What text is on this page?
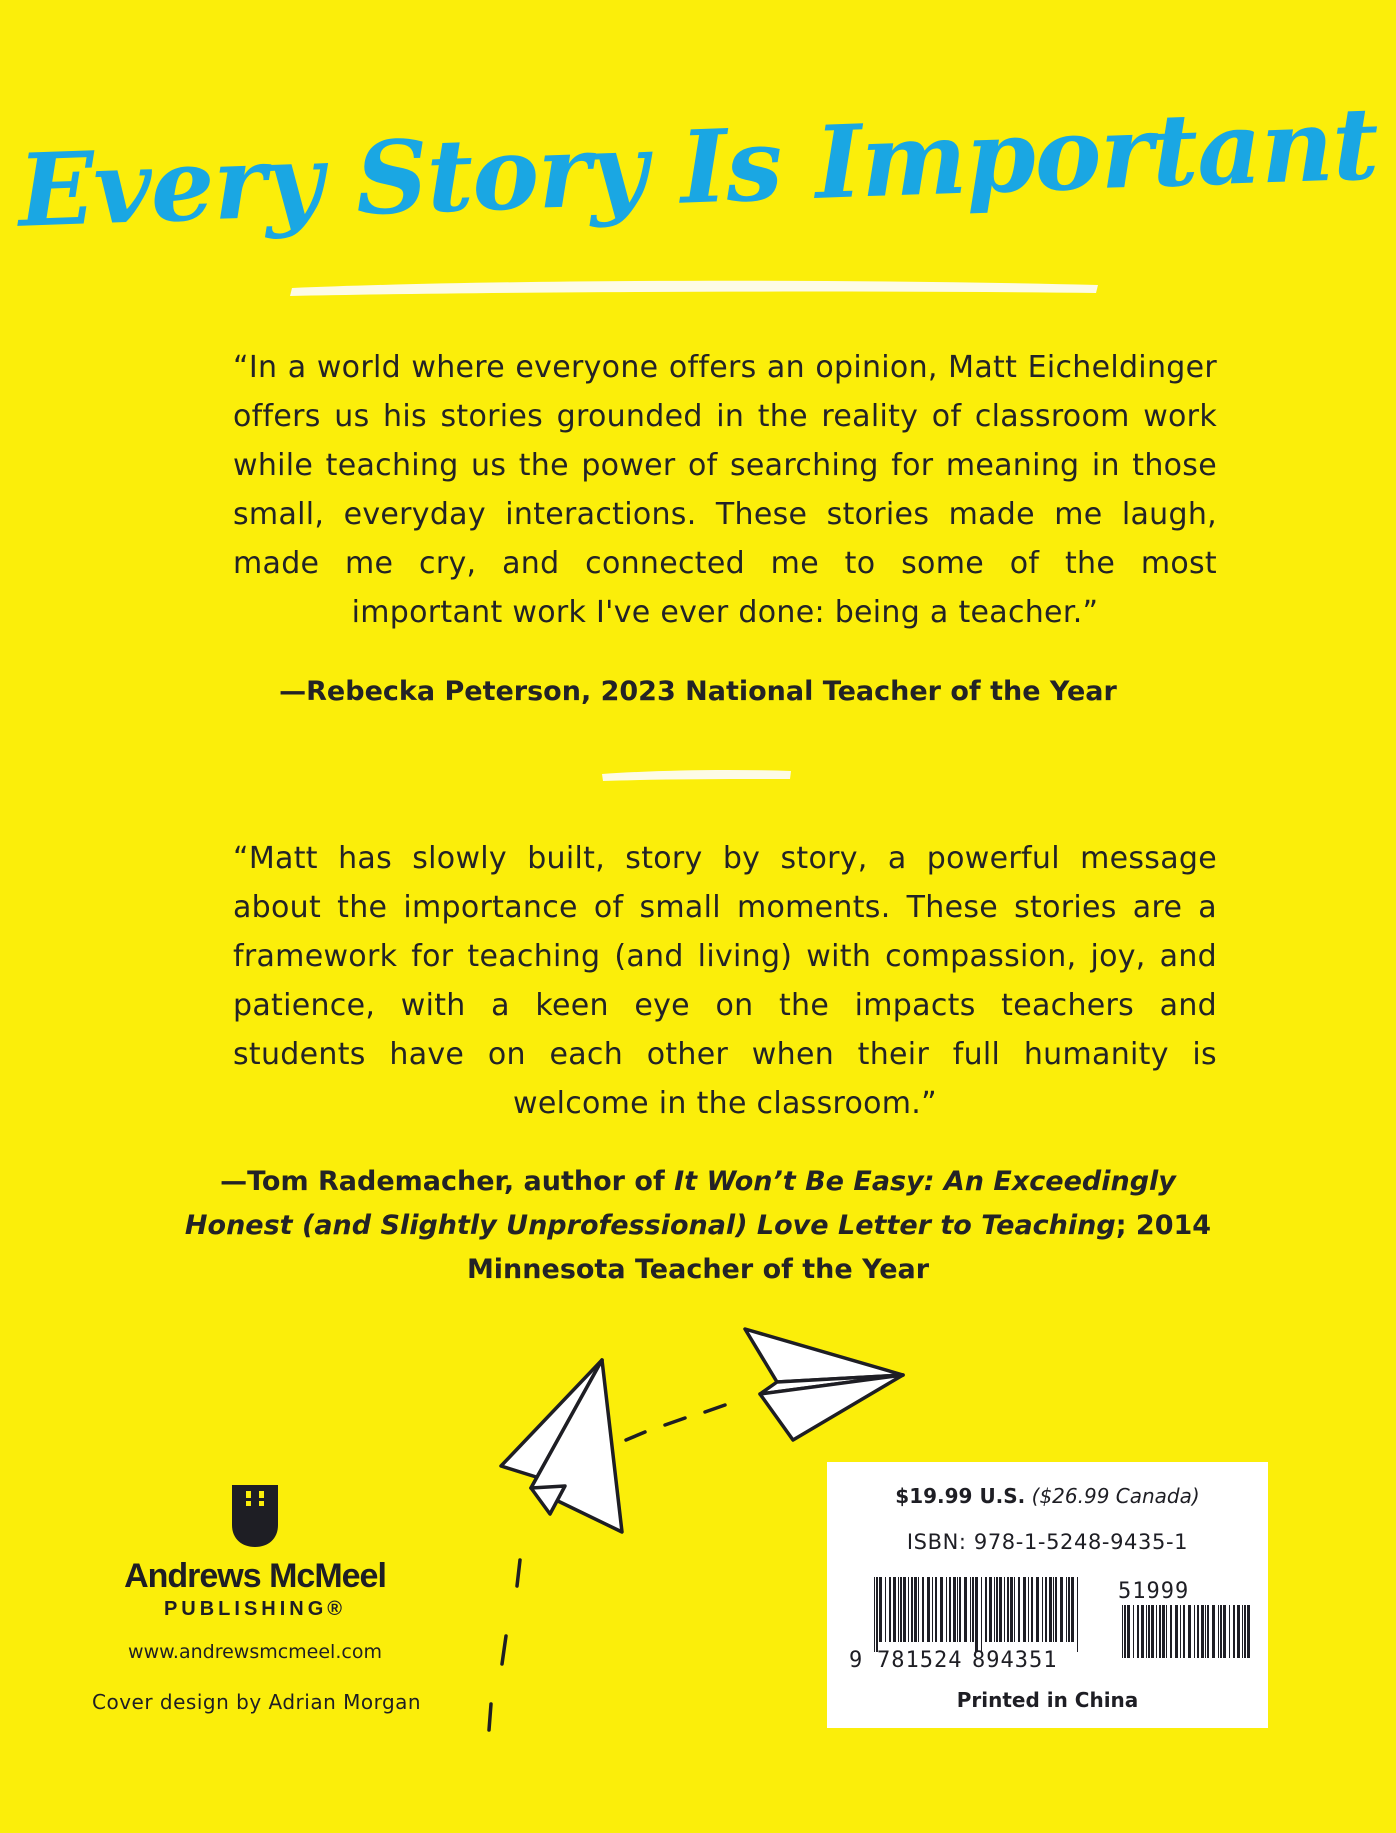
Every Story Is Important
“In a world where everyone offers an opinion, Matt Eicheldinger offers us his stories grounded in the reality of classroom work while teaching us the power of searching for meaning in those small, everyday interactions. These stories made me laugh, made me cry, and connected me to some of the most important work I've ever done: being a teacher.”
—Rebecka Peterson, 2023 National Teacher of the Year
“Matt has slowly built, story by story, a powerful message about the importance of small moments. These stories are a framework for teaching (and living) with compassion, joy, and patience, with a keen eye on the impacts teachers and students have on each other when their full humanity is welcome in the classroom.”
—Tom Rademacher, author of It Won’t Be Easy: An Exceedingly Honest (and Slightly Unprofessional) Love Letter to Teaching; 2014 Minnesota Teacher of the Year
Andrews McMeel
PUBLISHING®
www.andrewsmcmeel.com
Cover design by Adrian Morgan
$19.99 U.S. ($26.99 Canada)
ISBN: 978-1-5248-9435-1
9 781524 894351
51999
Printed in China
